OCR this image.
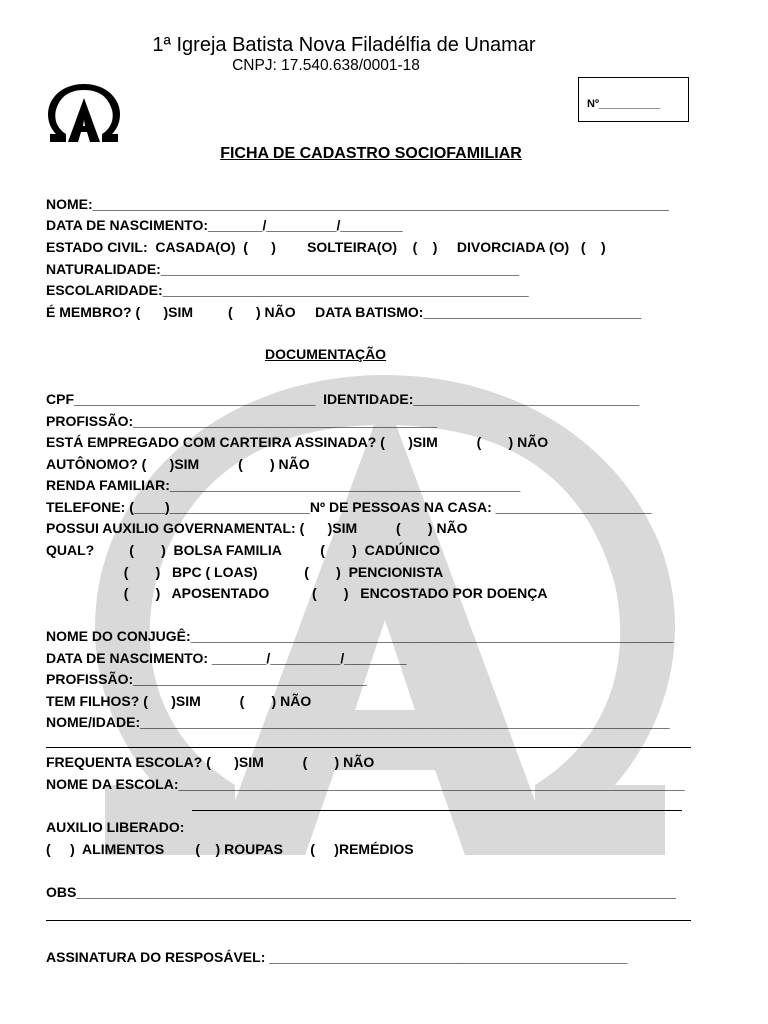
1ª Igreja Batista Nova Filadélfia de Unamar
CNPJ: 17.540.638/0001-18
Nº__________
FICHA DE CADASTRO SOCIOFAMILIAR
NOME:__________________________________________________________________________
DATA DE NASCIMENTO:_______/_________/________
ESTADO CIVIL:  CASADA(O)  (      )        SOLTEIRA(O)    (    )     DIVORCIADA (O)   (    )
NATURALIDADE:______________________________________________
ESCOLARIDADE:_______________________________________________
É MEMBRO? (      )SIM         (      ) NÃO     DATA BATISMO:____________________________
DOCUMENTAÇÃO
CPF_______________________________  IDENTIDADE:_____________________________
PROFISSÃO:_______________________________________
ESTÁ EMPREGADO COM CARTEIRA ASSINADA? (      )SIM          (       ) NÃO
AUTÔNOMO? (      )SIM          (       ) NÃO
RENDA FAMILIAR:_____________________________________________
TELEFONE: (____)__________________Nº DE PESSOAS NA CASA: ____________________
POSSUI AUXILIO GOVERNAMENTAL: (      )SIM          (       ) NÃO
QUAL?         (       )  BOLSA FAMILIA          (       )  CADÚNICO
(       )   BPC ( LOAS)            (       )  PENCIONISTA
(       )   APOSENTADO           (       )   ENCOSTADO POR DOENÇA
NOME DO CONJUGÊ:______________________________________________________________
DATA DE NASCIMENTO: _______/_________/________
PROFISSÃO:______________________________
TEM FILHOS? (      )SIM          (       ) NÃO
NOME/IDADE:____________________________________________________________________
FREQUENTA ESCOLA? (      )SIM          (       ) NÃO
NOME DA ESCOLA:_________________________________________________________________
AUXILIO LIBERADO:
(     )  ALIMENTOS        (    ) ROUPAS       (     )REMÉDIOS
OBS_____________________________________________________________________________
ASSINATURA DO RESPOSÁVEL: ______________________________________________
